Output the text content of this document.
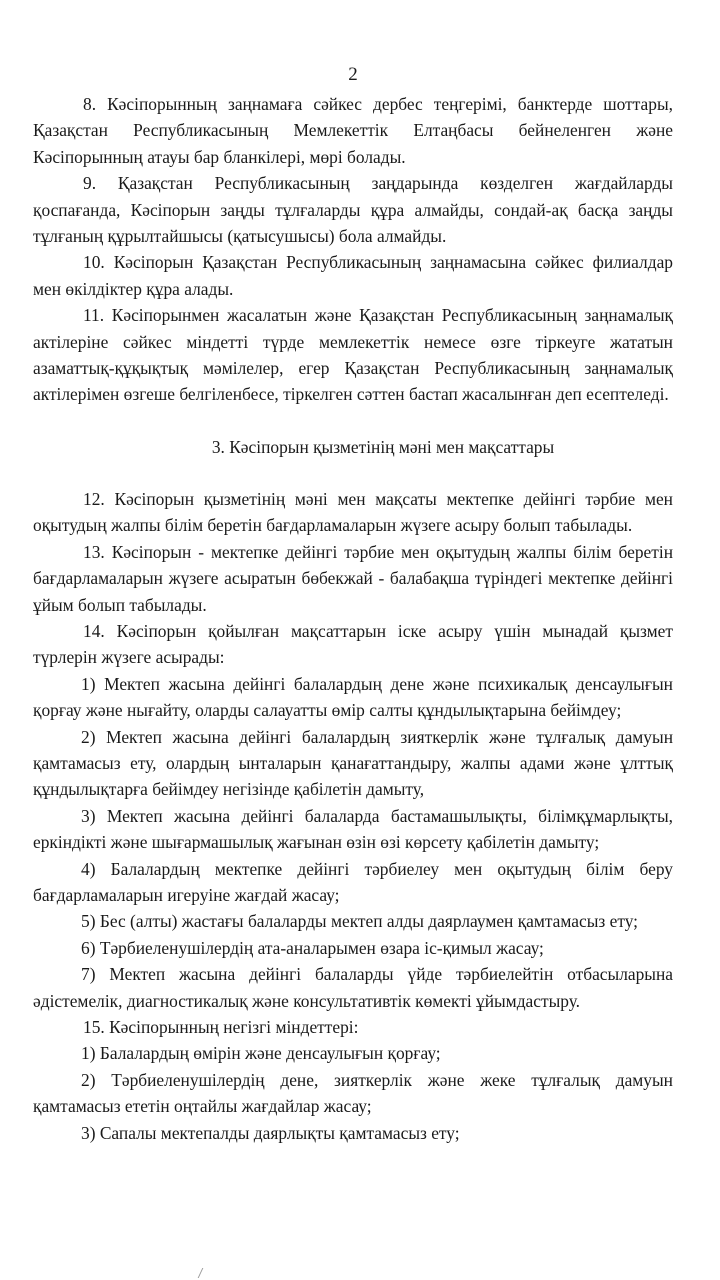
2
8. Кәсіпорынның заңнамаға сәйкес дербес теңгерімі, банктерде шоттары, Қазақстан Республикасының Мемлекеттік Елтаңбасы бейнеленген және Кәсіпорынның атауы бар бланкілері, мөрі болады.
9. Қазақстан Республикасының заңдарында көзделген жағдайларды қоспағанда, Кәсіпорын заңды тұлғаларды құра алмайды, сондай-ақ басқа заңды тұлғаның құрылтайшысы (қатысушысы) бола алмайды.
10. Кәсіпорын Қазақстан Республикасының заңнамасына сәйкес филиалдар мен өкілдіктер құра алады.
11. Кәсіпорынмен жасалатын және Қазақстан Республикасының заңнамалық актілеріне сәйкес міндетті түрде мемлекеттік немесе өзге тіркеуге жататын азаматтық-құқықтық мәмілелер, егер Қазақстан Республикасының заңнамалық актілерімен өзгеше белгіленбесе, тіркелген сәттен бастап жасалынған деп есептеледі.
3. Кәсіпорын қызметінің мәні мен мақсаттары
12. Кәсіпорын қызметінің мәні мен мақсаты мектепке дейінгі тәрбие мен оқытудың жалпы білім беретін бағдарламаларын жүзеге асыру болып табылады.
13. Кәсіпорын - мектепке дейінгі тәрбие мен оқытудың жалпы білім беретін бағдарламаларын жүзеге асыратын бөбекжай - балабақша түріндегі мектепке дейінгі ұйым болып табылады.
14. Кәсіпорын қойылған мақсаттарын іске асыру үшін мынадай қызмет түрлерін жүзеге асырады:
1) Мектеп жасына дейінгі балалардың дене және психикалық денсаулығын қорғау және нығайту, оларды салауатты өмір салты құндылықтарына бейімдеу;
2) Мектеп жасына дейінгі балалардың зияткерлік және тұлғалық дамуын қамтамасыз ету, олардың ынталарын қанағаттандыру, жалпы адами және ұлттық құндылықтарға бейімдеу негізінде қабілетін дамыту,
3) Мектеп жасына дейінгі балаларда бастамашылықты, білімқұмарлықты, еркіндікті және шығармашылық жағынан өзін өзі көрсету қабілетін дамыту;
4) Балалардың мектепке дейінгі тәрбиелеу мен оқытудың білім беру бағдарламаларын игеруіне жағдай жасау;
5) Бес (алты) жастағы балаларды мектеп алды даярлаумен қамтамасыз ету;
6) Тәрбиеленушілердің ата-аналарымен өзара іс-қимыл жасау;
7) Мектеп жасына дейінгі балаларды үйде тәрбиелейтін отбасыларына әдістемелік, диагностикалық және консультативтік көмекті ұйымдастыру.
15. Кәсіпорынның негізгі міндеттері:
1) Балалардың өмірін және денсаулығын қорғау;
2) Тәрбиеленушілердің дене, зияткерлік және жеке тұлғалық дамуын қамтамасыз ететін оңтайлы жағдайлар жасау;
3) Сапалы мектепалды даярлықты қамтамасыз ету;
